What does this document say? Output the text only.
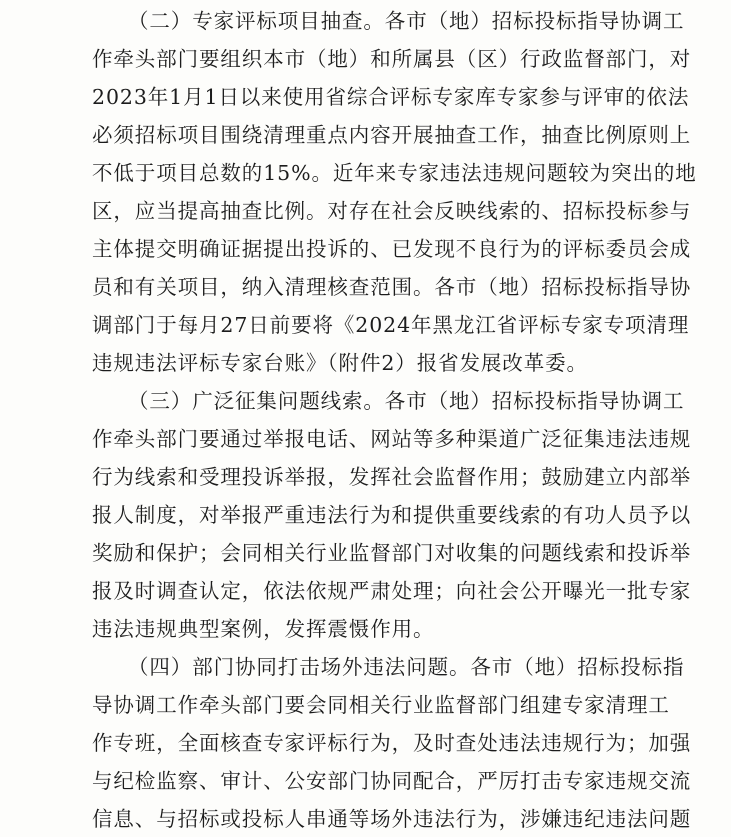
（二）专家评标项目抽查。各市（地）招标投标指导协调工
作牵头部门要组织本市（地）和所属县（区）行政监督部门，对
2023年1月1日以来使用省综合评标专家库专家参与评审的依法
必须招标项目围绕清理重点内容开展抽查工作，抽查比例原则上
不低于项目总数的15%。近年来专家违法违规问题较为突出的地
区，应当提高抽查比例。对存在社会反映线索的、招标投标参与
主体提交明确证据提出投诉的、已发现不良行为的评标委员会成
员和有关项目，纳入清理核查范围。各市（地）招标投标指导协
调部门于每月27日前要将《2024年黑龙江省评标专家专项清理
违规违法评标专家台账》（附件2）报省发展改革委。
（三）广泛征集问题线索。各市（地）招标投标指导协调工
作牵头部门要通过举报电话、网站等多种渠道广泛征集违法违规
行为线索和受理投诉举报，发挥社会监督作用；鼓励建立内部举
报人制度，对举报严重违法行为和提供重要线索的有功人员予以
奖励和保护；会同相关行业监督部门对收集的问题线索和投诉举
报及时调查认定，依法依规严肃处理；向社会公开曝光一批专家
违法违规典型案例，发挥震慑作用。
（四）部门协同打击场外违法问题。各市（地）招标投标指
导协调工作牵头部门要会同相关行业监督部门组建专家清理工
作专班，全面核查专家评标行为，及时查处违法违规行为；加强
与纪检监察、审计、公安部门协同配合，严厉打击专家违规交流
信息、与招标或投标人串通等场外违法行为，涉嫌违纪违法问题
